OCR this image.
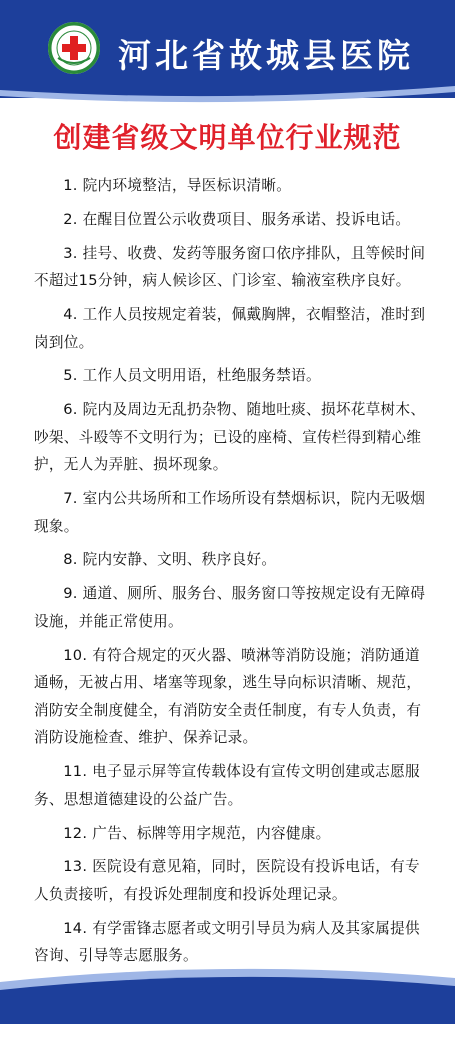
河北省故城县医院
创建省级文明单位行业规范
1. 院内环境整洁，导医标识清晰。
2. 在醒目位置公示收费项目、服务承诺、投诉电话。
3. 挂号、收费、发药等服务窗口依序排队，且等候时间不超过15分钟，病人候诊区、门诊室、输液室秩序良好。
4. 工作人员按规定着装，佩戴胸牌，衣帽整洁，准时到岗到位。
5. 工作人员文明用语，杜绝服务禁语。
6. 院内及周边无乱扔杂物、随地吐痰、损坏花草树木、吵架、斗殴等不文明行为；已设的座椅、宣传栏得到精心维护，无人为弄脏、损坏现象。
7. 室内公共场所和工作场所设有禁烟标识，院内无吸烟现象。
8. 院内安静、文明、秩序良好。
9. 通道、厕所、服务台、服务窗口等按规定设有无障碍设施，并能正常使用。
10. 有符合规定的灭火器、喷淋等消防设施；消防通道通畅，无被占用、堵塞等现象，逃生导向标识清晰、规范，消防安全制度健全，有消防安全责任制度，有专人负责，有消防设施检查、维护、保养记录。
11. 电子显示屏等宣传载体设有宣传文明创建或志愿服务、思想道德建设的公益广告。
12. 广告、标牌等用字规范，内容健康。
13. 医院设有意见箱，同时，医院设有投诉电话，有专人负责接听，有投诉处理制度和投诉处理记录。
14. 有学雷锋志愿者或文明引导员为病人及其家属提供咨询、引导等志愿服务。
